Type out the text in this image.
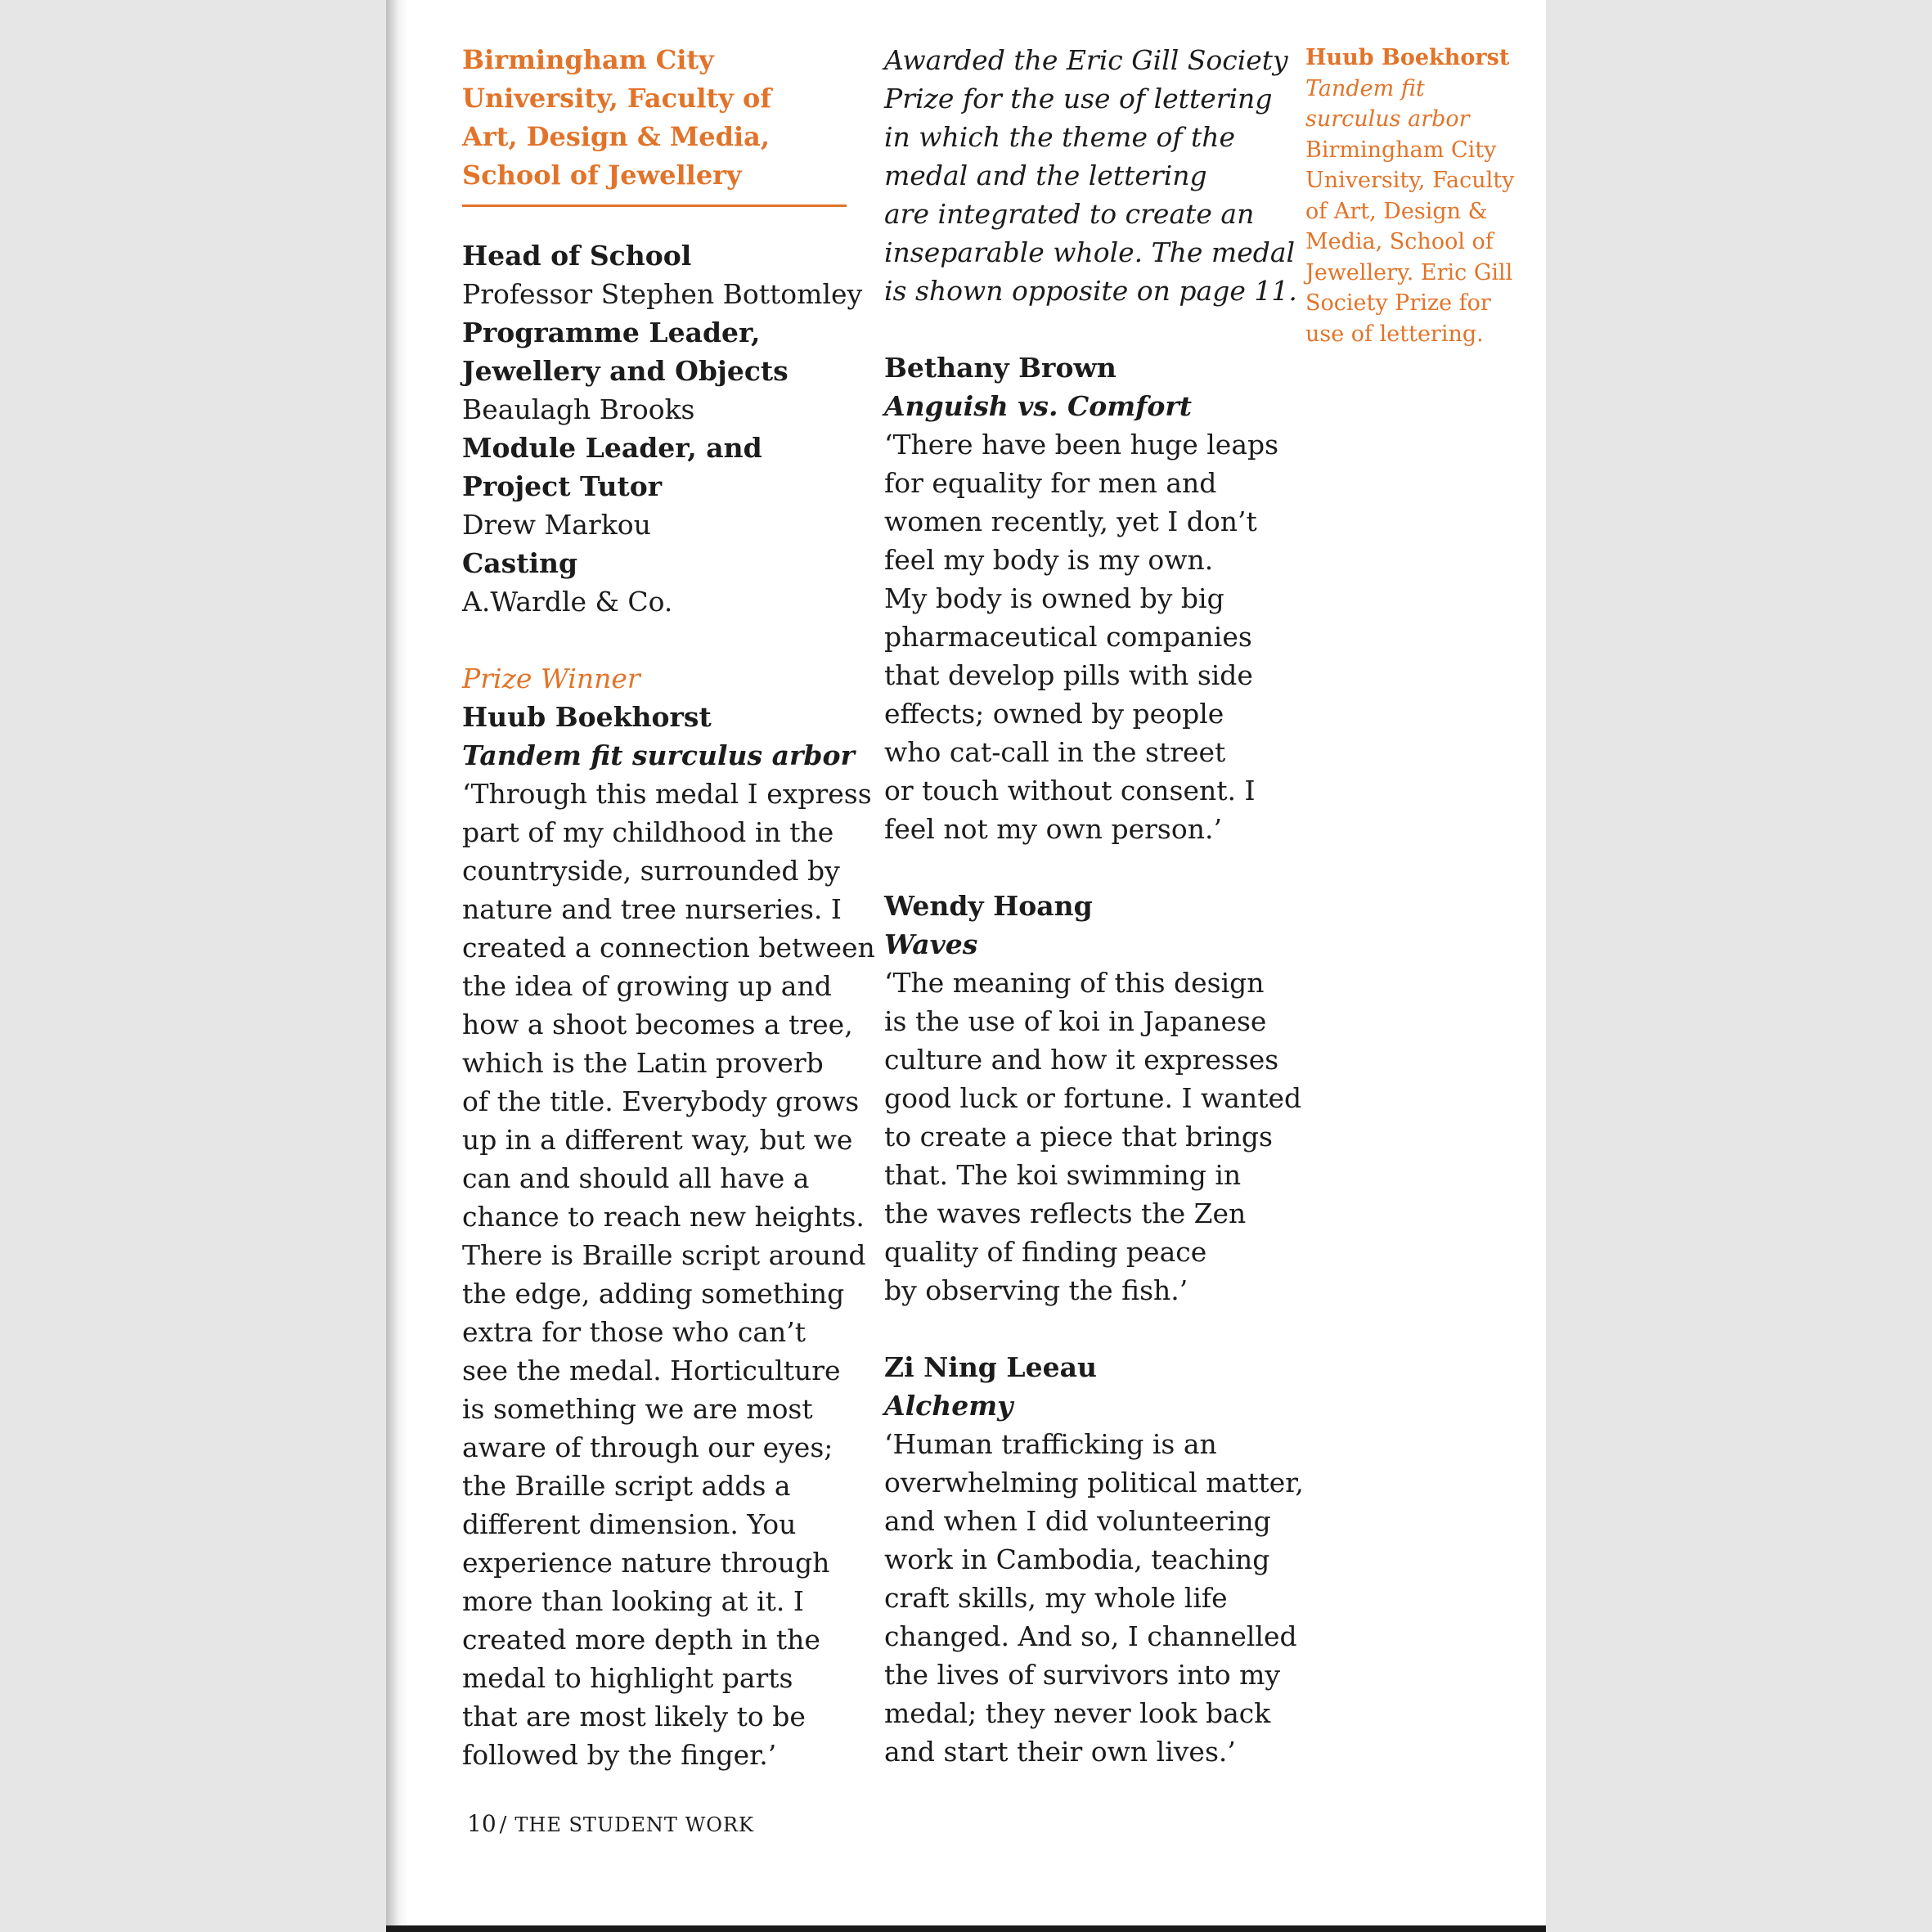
Birmingham City
University, Faculty of
Art, Design & Media,
School of Jewellery
Head of School
Professor Stephen Bottomley
Programme Leader,
Jewellery and Objects
Beaulagh Brooks
Module Leader, and
Project Tutor
Drew Markou
Casting
A.Wardle & Co.
Prize Winner
Huub Boekhorst
Tandem fit surculus arbor
‘Through this medal I express
part of my childhood in the
countryside, surrounded by
nature and tree nurseries. I
created a connection between
the idea of growing up and
how a shoot becomes a tree,
which is the Latin proverb
of the title. Everybody grows
up in a different way, but we
can and should all have a
chance to reach new heights.
There is Braille script around
the edge, adding something
extra for those who can’t
see the medal. Horticulture
is something we are most
aware of through our eyes;
the Braille script adds a
different dimension. You
experience nature through
more than looking at it. I
created more depth in the
medal to highlight parts
that are most likely to be
followed by the finger.’
Awarded the Eric Gill Society
Prize for the use of lettering
in which the theme of the
medal and the lettering
are integrated to create an
inseparable whole. The medal
is shown opposite on page 11.
Bethany Brown
Anguish vs. Comfort
‘There have been huge leaps
for equality for men and
women recently, yet I don’t
feel my body is my own.
My body is owned by big
pharmaceutical companies
that develop pills with side
effects; owned by people
who cat-call in the street
or touch without consent. I
feel not my own person.’
Wendy Hoang
Waves
‘The meaning of this design
is the use of koi in Japanese
culture and how it expresses
good luck or fortune. I wanted
to create a piece that brings
that. The koi swimming in
the waves reflects the Zen
quality of finding peace
by observing the fish.’
Zi Ning Leeau
Alchemy
‘Human trafficking is an
overwhelming political matter,
and when I did volunteering
work in Cambodia, teaching
craft skills, my whole life
changed. And so, I channelled
the lives of survivors into my
medal; they never look back
and start their own lives.’
Huub Boekhorst
Tandem fit
surculus arbor
Birmingham City
University, Faculty
of Art, Design &
Media, School of
Jewellery. Eric Gill
Society Prize for
use of lettering.
10 / THE STUDENT WORK
